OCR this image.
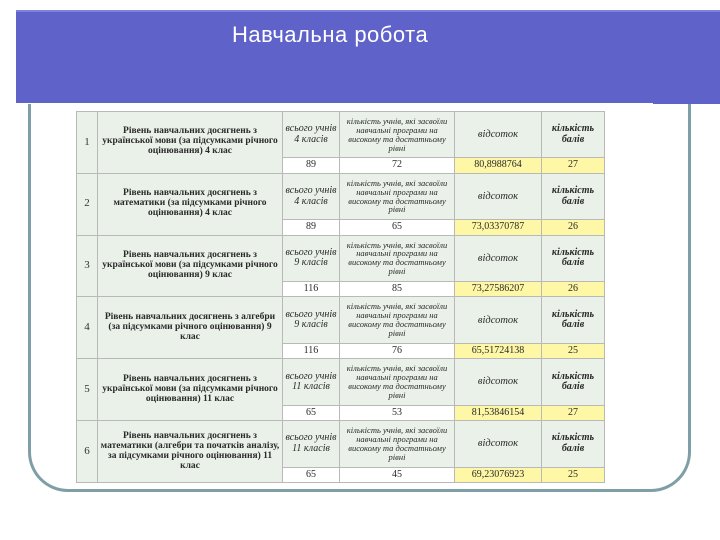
Навчальна робота
1	Рівень навчальних досягнень з української мови (за підсумками річного оцінювання) 4 клас	всього учнів 4 класів	кількість учнів, які засвоїли навчальні програми на високому та достатньому рівні	відсоток	кількість балів
		89	72	80,8988764	27
2	Рівень навчальних досягнень з математики (за підсумками річного оцінювання) 4 клас	всього учнів 4 класів	кількість учнів, які засвоїли навчальні програми на високому та достатньому рівні	відсоток	кількість балів
		89	65	73,03370787	26
3	Рівень навчальних досягнень з української мови (за підсумками річного оцінювання) 9 клас	всього учнів 9 класів	кількість учнів, які засвоїли навчальні програми на високому та достатньому рівні	відсоток	кількість балів
		116	85	73,27586207	26
4	Рівень навчальних досягнень з алгебри (за підсумками річного оцінювання) 9 клас	всього учнів 9 класів	кількість учнів, які засвоїли навчальні програми на високому та достатньому рівні	відсоток	кількість балів
		116	76	65,51724138	25
5	Рівень навчальних досягнень з української мови (за підсумками річного оцінювання) 11 клас	всього учнів 11 класів	кількість учнів, які засвоїли навчальні програми на високому та достатньому рівні	відсоток	кількість балів
		65	53	81,53846154	27
6	Рівень навчальних досягнень з математики (алгебри та початків аналізу, за підсумками річного оцінювання) 11 клас	всього учнів 11 класів	кількість учнів, які засвоїли навчальні програми на високому та достатньому рівні	відсоток	кількість балів
		65	45	69,23076923	25
